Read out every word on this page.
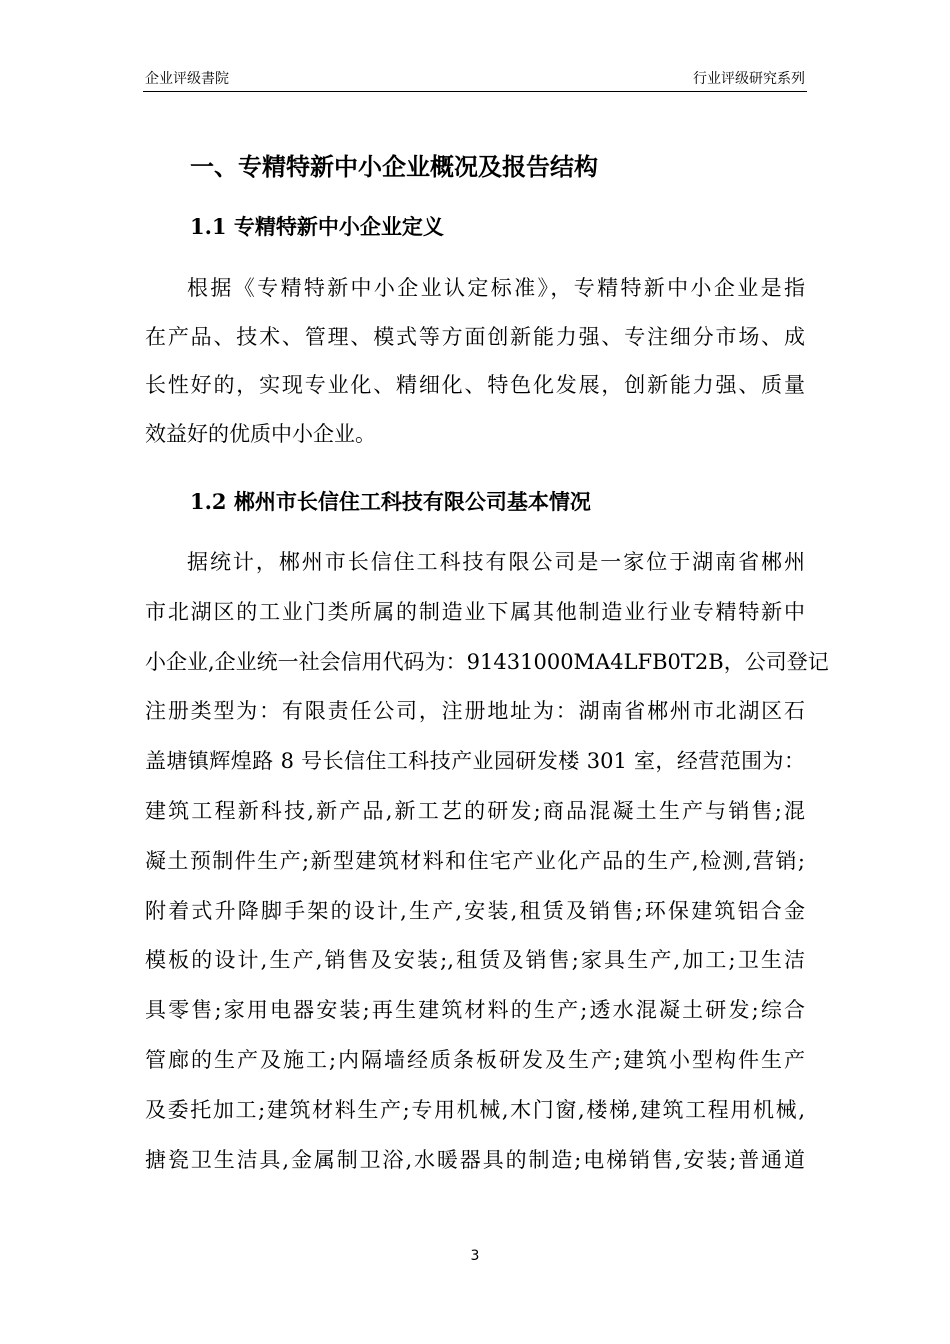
企业评级書院	行业评级研究系列
一、专精特新中小企业概况及报告结构
1.1 专精特新中小企业定义
根据《专精特新中小企业认定标准》，专精特新中小企业是指
在产品、技术、管理、模式等方面创新能力强、专注细分市场、成
长性好的，实现专业化、精细化、特色化发展，创新能力强、质量
效益好的优质中小企业。
1.2 郴州市长信住工科技有限公司基本情况
据统计，郴州市长信住工科技有限公司是一家位于湖南省郴州
市北湖区的工业门类所属的制造业下属其他制造业行业专精特新中
小企业,企业统一社会信用代码为：91431000MA4LFB0T2B，公司登记
注册类型为：有限责任公司，注册地址为：湖南省郴州市北湖区石
盖塘镇辉煌路 8 号长信住工科技产业园研发楼 301 室，经营范围为：
建筑工程新科技,新产品,新工艺的研发;商品混凝土生产与销售;混
凝土预制件生产;新型建筑材料和住宅产业化产品的生产,检测,营销;
附着式升降脚手架的设计,生产,安装,租赁及销售;环保建筑铝合金
模板的设计,生产,销售及安装;,租赁及销售;家具生产,加工;卫生洁
具零售;家用电器安装;再生建筑材料的生产;透水混凝土研发;综合
管廊的生产及施工;内隔墙经质条板研发及生产;建筑小型构件生产
及委托加工;建筑材料生产;专用机械,木门窗,楼梯,建筑工程用机械,
搪瓷卫生洁具,金属制卫浴,水暖器具的制造;电梯销售,安装;普通道
3
